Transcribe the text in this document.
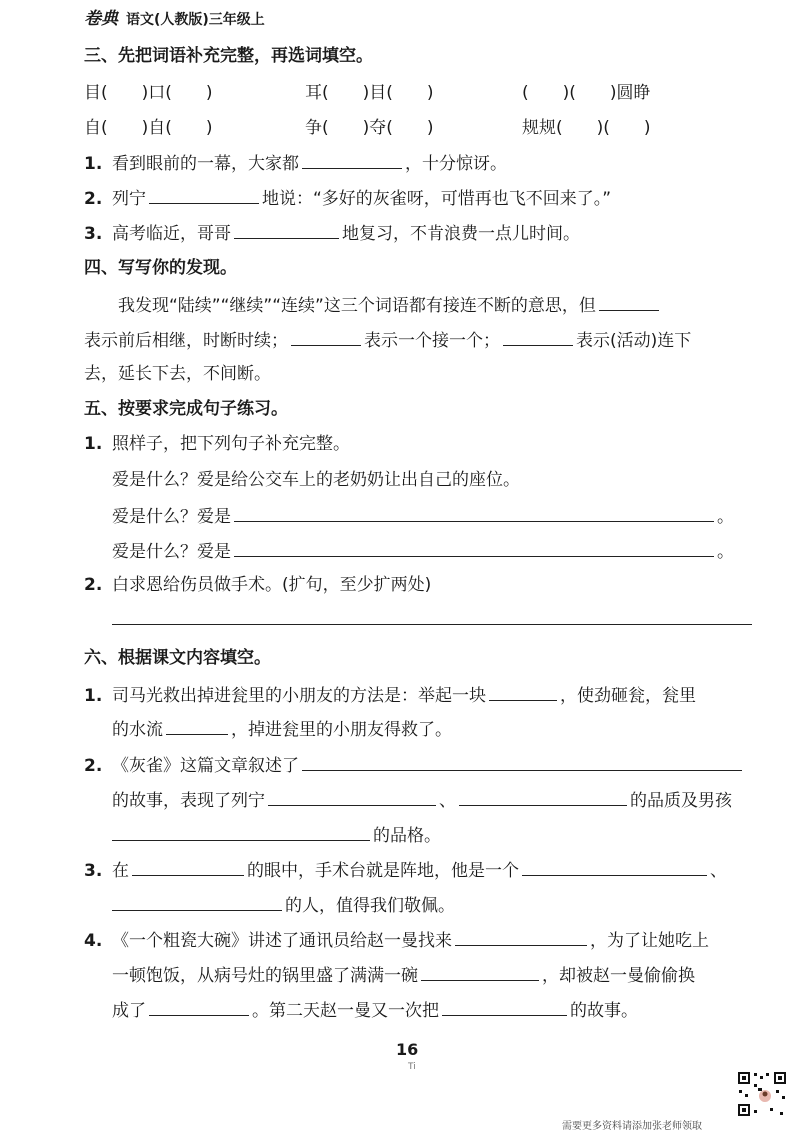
卷典 语文(人教版)三年级上
三、先把词语补充完整，再选词填空。
目(　　)口(　　)	耳(　　)目(　　)	(　　)(　　)圆睁
自(　　)自(　　)	争(　　)夺(　　)	规规(　　)(　　)
1. 看到眼前的一幕，大家都	，十分惊讶。
2. 列宁	地说：“多好的灰雀呀，可惜再也飞不回来了。”
3. 高考临近，哥哥	地复习，不肯浪费一点儿时间。
四、写写你的发现。
我发现“陆续”“继续”“连续”这三个词语都有接连不断的意思，但
表示前后相继，时断时续；	表示一个接一个；	表示(活动)连下
去，延长下去，不间断。
五、按要求完成句子练习。
1. 照样子，把下列句子补充完整。
爱是什么？爱是给公交车上的老奶奶让出自己的座位。
爱是什么？爱是	。
爱是什么？爱是	。
2. 白求恩给伤员做手术。(扩句，至少扩两处)
六、根据课文内容填空。
1. 司马光救出掉进瓮里的小朋友的方法是：举起一块	，使劲砸瓮，瓮里
的水流	，掉进瓮里的小朋友得救了。
2. 《灰雀》这篇文章叙述了
的故事，表现了列宁	、	的品质及男孩
的品格。
3. 在	的眼中，手术台就是阵地，他是一个	、
的人，值得我们敬佩。
4. 《一个粗瓷大碗》讲述了通讯员给赵一曼找来	，为了让她吃上
一顿饱饭，从病号灶的锅里盛了满满一碗	，却被赵一曼偷偷换
成了	。第二天赵一曼又一次把	的故事。
16
Ti
需要更多资料请添加张老师领取
